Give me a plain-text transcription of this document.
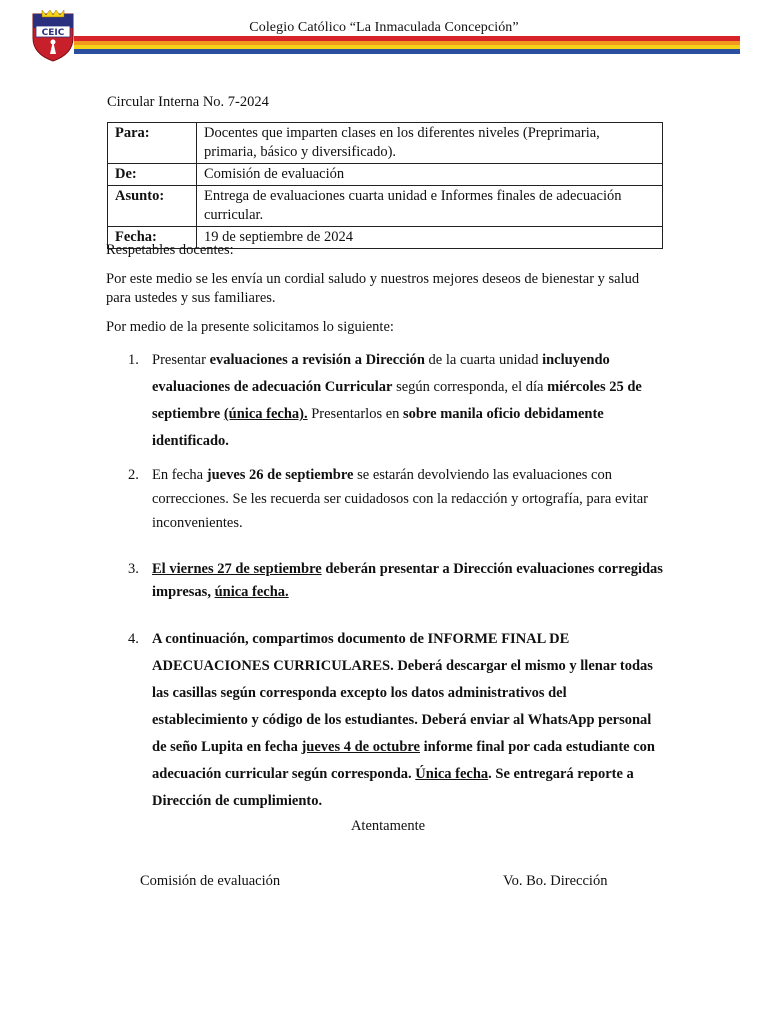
CEIC	Colegio Católico “La Inmaculada Concepción”
Circular Interna No. 7-2024
Para:	Docentes que imparten clases en los diferentes niveles (Preprimaria, primaria, básico y diversificado).
De:	Comisión de evaluación
Asunto:	Entrega de evaluaciones cuarta unidad e Informes finales de adecuación curricular.
Fecha:	19 de septiembre de 2024

Respetables docentes:

Por este medio se les envía un cordial saludo y nuestros mejores deseos de bienestar y salud para ustedes y sus familiares.

Por medio de la presente solicitamos lo siguiente:

1. Presentar evaluaciones a revisión a Dirección de la cuarta unidad incluyendo evaluaciones de adecuación Curricular según corresponda, el día miércoles 25 de septiembre (única fecha). Presentarlos en sobre manila oficio debidamente identificado.
2. En fecha jueves 26 de septiembre se estarán devolviendo las evaluaciones con correcciones. Se les recuerda ser cuidadosos con la redacción y ortografía, para evitar inconvenientes.
3. El viernes 27 de septiembre deberán presentar a Dirección evaluaciones corregidas impresas, única fecha.
4. A continuación, compartimos documento de INFORME FINAL DE ADECUACIONES CURRICULARES. Deberá descargar el mismo y llenar todas las casillas según corresponda excepto los datos administrativos del establecimiento y código de los estudiantes. Deberá enviar al WhatsApp personal de seño Lupita en fecha jueves 4 de octubre informe final por cada estudiante con adecuación curricular según corresponda. Única fecha. Se entregará reporte a Dirección de cumplimiento.
Atentamente
Comisión de evaluación	Vo. Bo. Dirección
